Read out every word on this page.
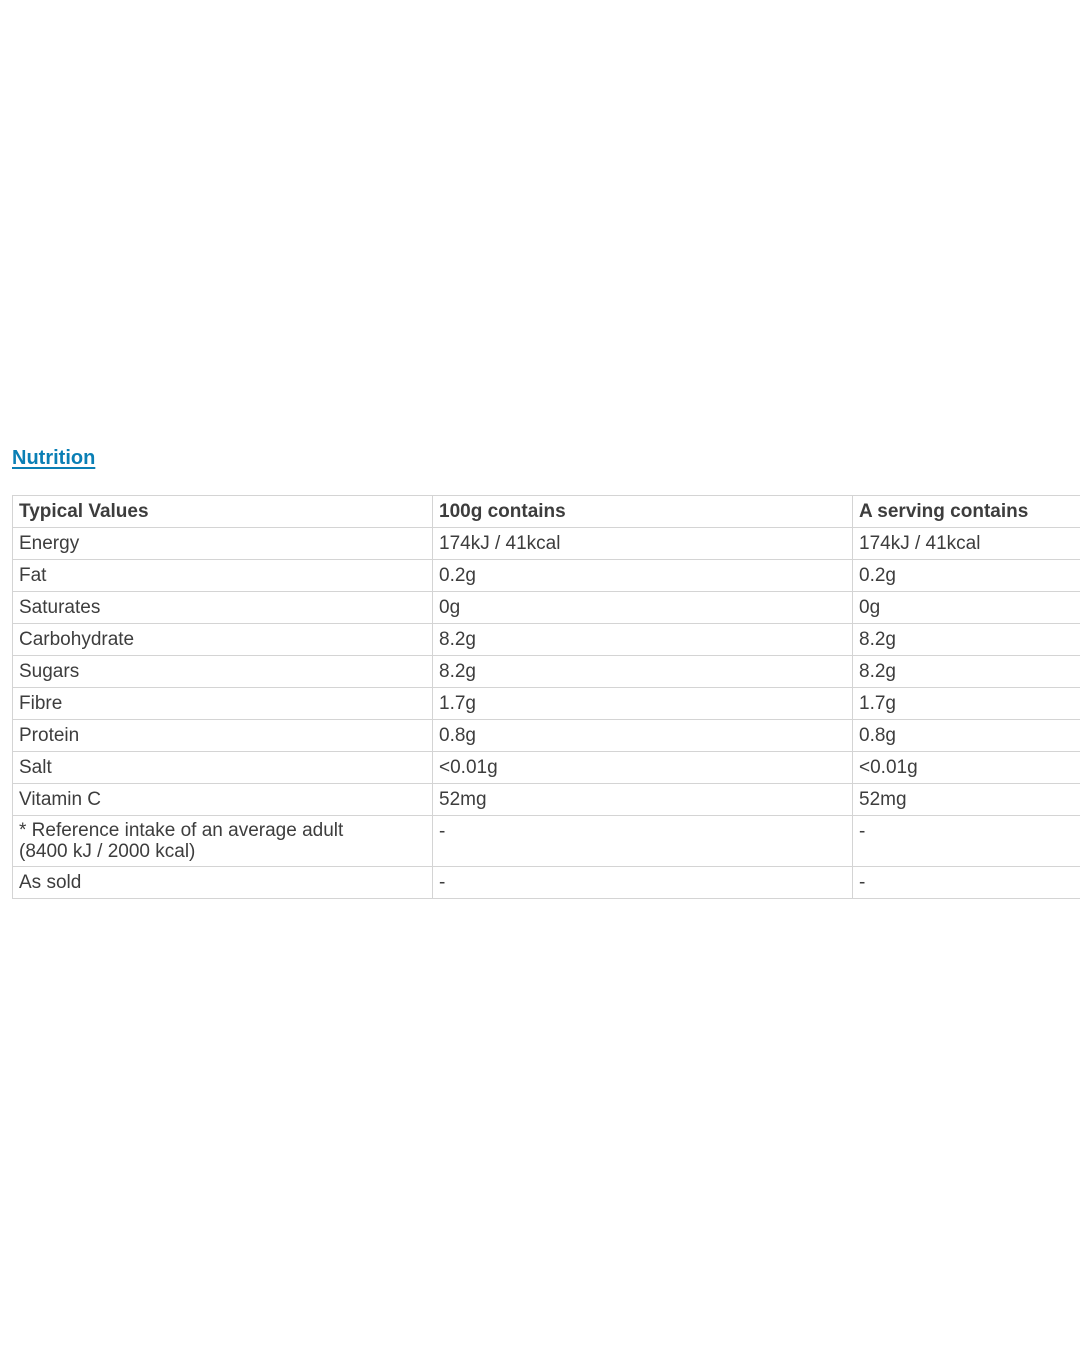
Nutrition
Typical Values	100g contains	A serving contains
Energy	174kJ / 41kcal	174kJ / 41kcal
Fat	0.2g	0.2g
Saturates	0g	0g
Carbohydrate	8.2g	8.2g
Sugars	8.2g	8.2g
Fibre	1.7g	1.7g
Protein	0.8g	0.8g
Salt	<0.01g	<0.01g
Vitamin C	52mg	52mg

* Reference intake of an average adult
(8400 kJ / 2000 kcal)	-	-
As sold	-	-
